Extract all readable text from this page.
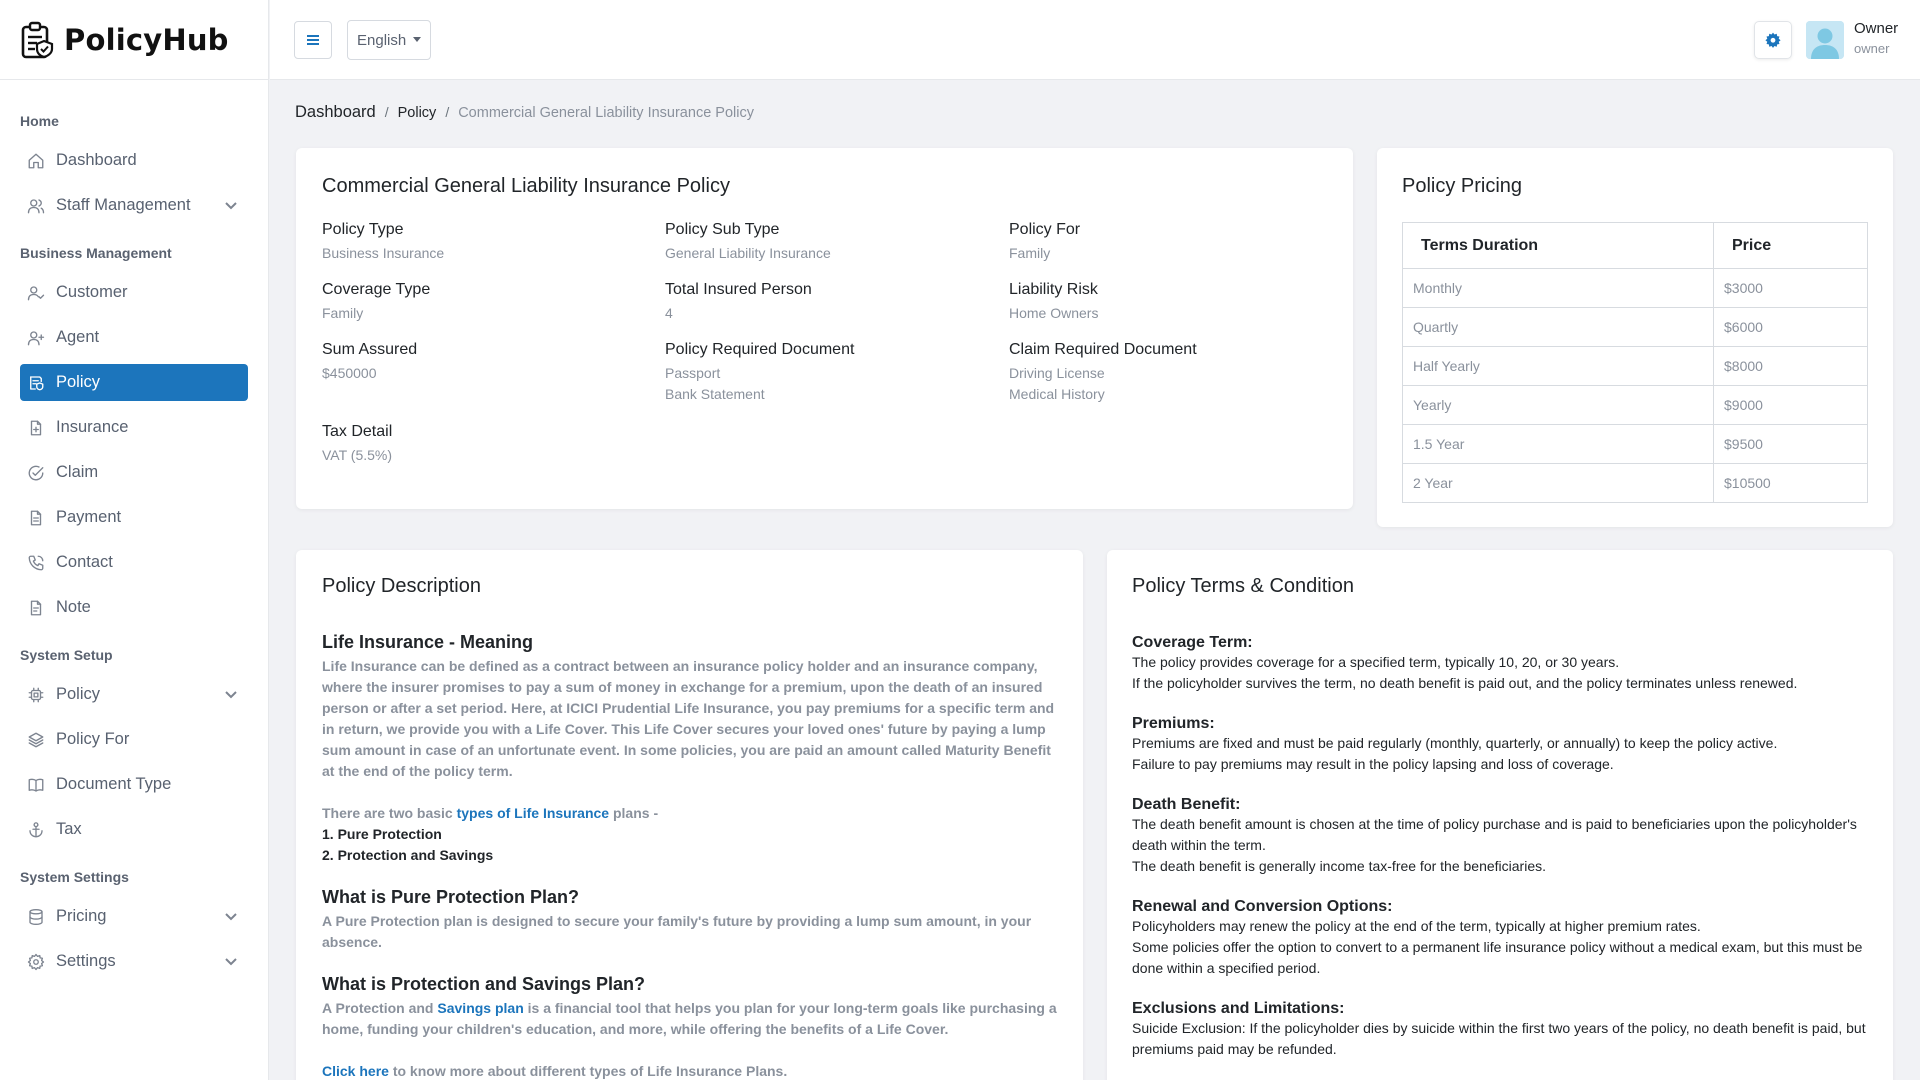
PolicyHub
Home
Dashboard
Staff Management
Business Management
Customer
Agent
Policy
Insurance
Claim
Payment
Contact
Note
System Setup
Policy
Policy For
Document Type
Tax
System Settings
Pricing
Settings
English
Owner
owner
Dashboard / Policy / Commercial General Liability Insurance Policy
Commercial General Liability Insurance Policy
Policy Type
Business Insurance
Policy Sub Type
General Liability Insurance
Policy For
Family
Coverage Type
Family
Total Insured Person
4
Liability Risk
Home Owners
Sum Assured
$450000
Policy Required Document
Passport
Bank Statement
Claim Required Document
Driving License
Medical History
Tax Detail
VAT (5.5%)
Policy Pricing
Terms Duration	Price
Monthly	$3000
Quartly	$6000
Half Yearly	$8000
Yearly	$9000
1.5 Year	$9500
2 Year	$10500
Policy Description
Life Insurance - Meaning

Life Insurance can be defined as a contract between an insurance policy holder and an insurance company, where the insurer promises to pay a sum of money in exchange for a premium, upon the death of an insured person or after a set period. Here, at ICICI Prudential Life Insurance, you pay premiums for a specific term and in return, we provide you with a Life Cover. This Life Cover secures your loved ones' future by paying a lump sum amount in case of an unfortunate event. In some policies, you are paid an amount called Maturity Benefit at the end of the policy term.

There are two basic types of Life Insurance plans -

1. Pure Protection
2. Protection and Savings
What is Pure Protection Plan?

A Pure Protection plan is designed to secure your family's future by providing a lump sum amount, in your absence.

What is Protection and Savings Plan?

A Protection and Savings plan is a financial tool that helps you plan for your long-term goals like purchasing a home, funding your children's education, and more, while offering the benefits of a Life Cover.

Click here to know more about different types of Life Insurance Plans.

Policy Terms & Condition
Coverage Term:

The policy provides coverage for a specified term, typically 10, 20, or 30 years.

If the policyholder survives the term, no death benefit is paid out, and the policy terminates unless renewed.

Premiums:

Premiums are fixed and must be paid regularly (monthly, quarterly, or annually) to keep the policy active.

Failure to pay premiums may result in the policy lapsing and loss of coverage.

Death Benefit:

The death benefit amount is chosen at the time of policy purchase and is paid to beneficiaries upon the policyholder's death within the term.

The death benefit is generally income tax-free for the beneficiaries.

Renewal and Conversion Options:

Policyholders may renew the policy at the end of the term, typically at higher premium rates.

Some policies offer the option to convert to a permanent life insurance policy without a medical exam, but this must be done within a specified period.

Exclusions and Limitations:

Suicide Exclusion: If the policyholder dies by suicide within the first two years of the policy, no death benefit is paid, but premiums paid may be refunded.
